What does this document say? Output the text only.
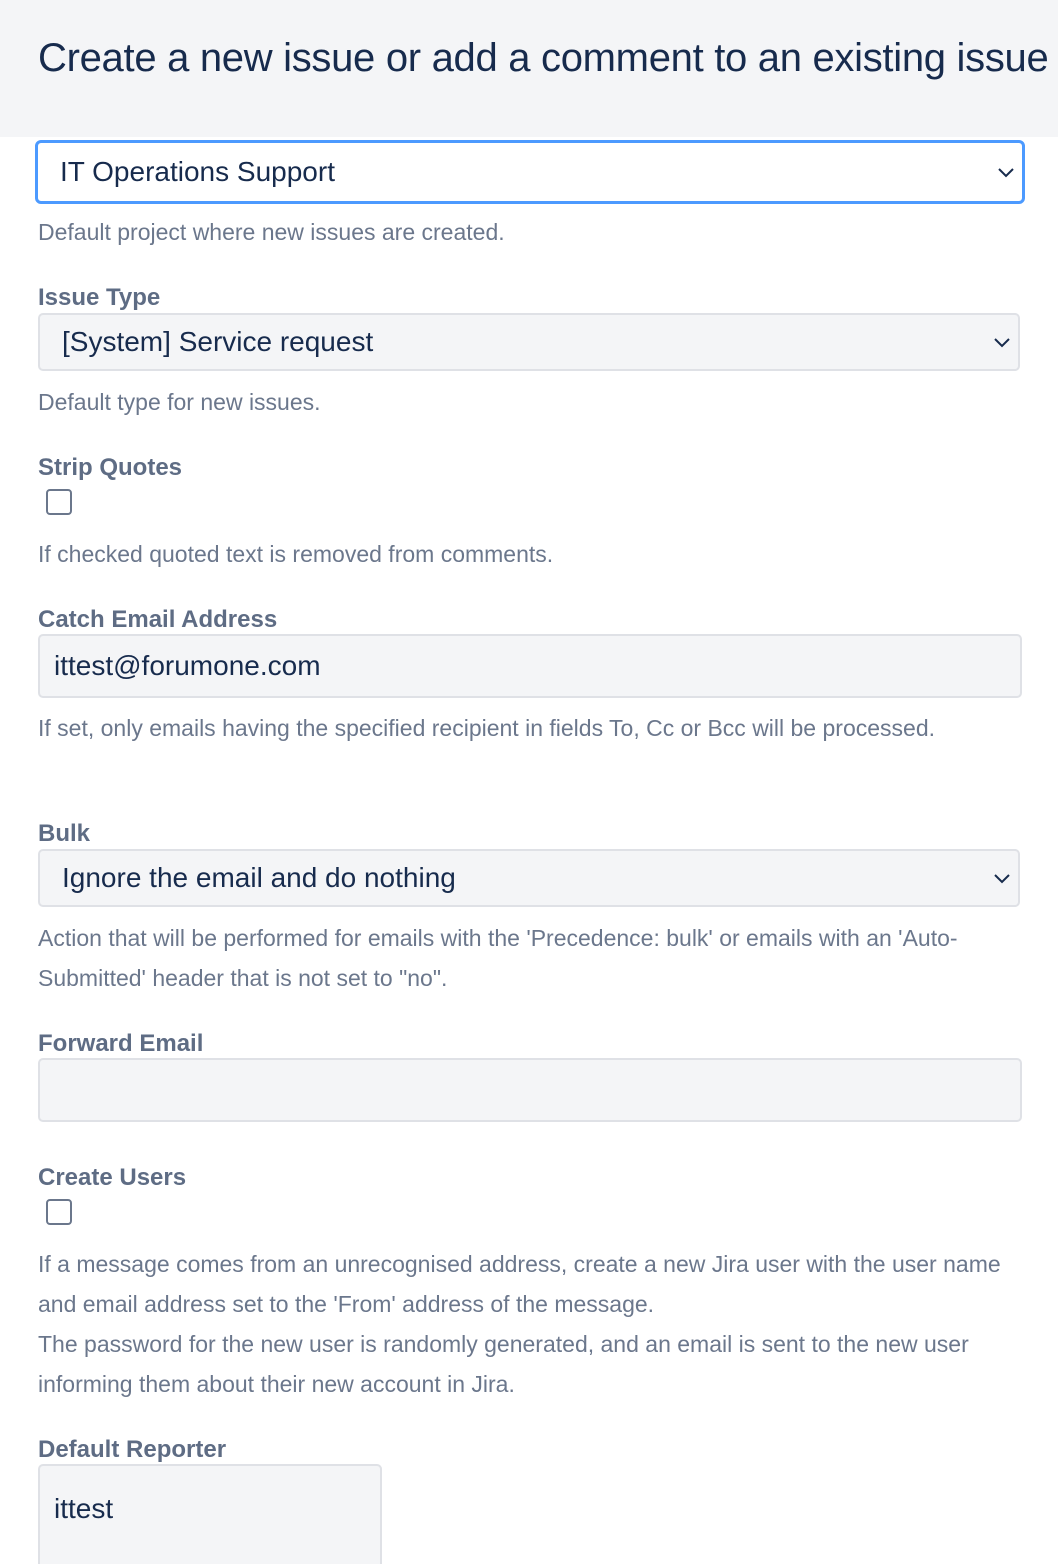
Create a new issue or add a comment to an existing issue
IT Operations Support
Default project where new issues are created.
Issue Type
[System] Service request
Default type for new issues.
Strip Quotes
If checked quoted text is removed from comments.
Catch Email Address
ittest@forumone.com
If set, only emails having the specified recipient in fields To, Cc or Bcc will be processed.
Bulk
Ignore the email and do nothing
Action that will be performed for emails with the 'Precedence: bulk' or emails with an 'Auto-Submitted' header that is not set to "no".
Forward Email
Create Users
If a message comes from an unrecognised address, create a new Jira user with the user name and email address set to the 'From' address of the message.
The password for the new user is randomly generated, and an email is sent to the new user informing them about their new account in Jira.
Default Reporter
ittest
